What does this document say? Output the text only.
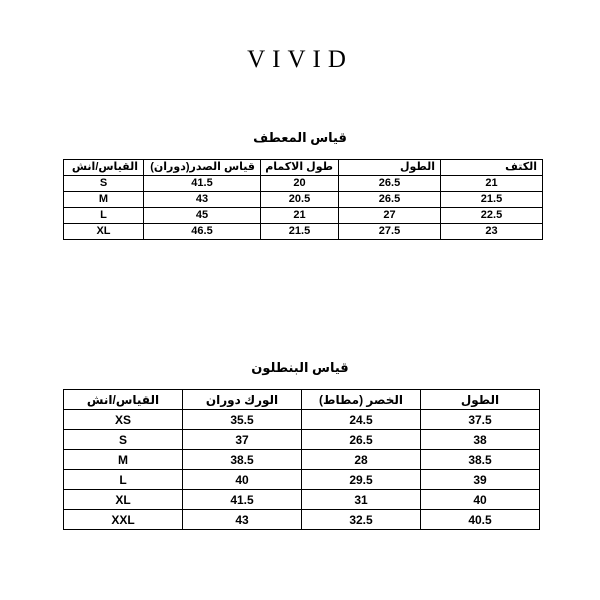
VIVID
قياس المعطف
القياس/انش	قياس الصدر(دوران)	طول الاكمام	الطول	الكتف
S	41.5	20	26.5	21
M	43	20.5	26.5	21.5
L	45	21	27	22.5
XL	46.5	21.5	27.5	23
قياس البنطلون
القياس/انش	الورك دوران	الخصر (مطاط)	الطول
XS	35.5	24.5	37.5
S	37	26.5	38
M	38.5	28	38.5
L	40	29.5	39
XL	41.5	31	40
XXL	43	32.5	40.5
